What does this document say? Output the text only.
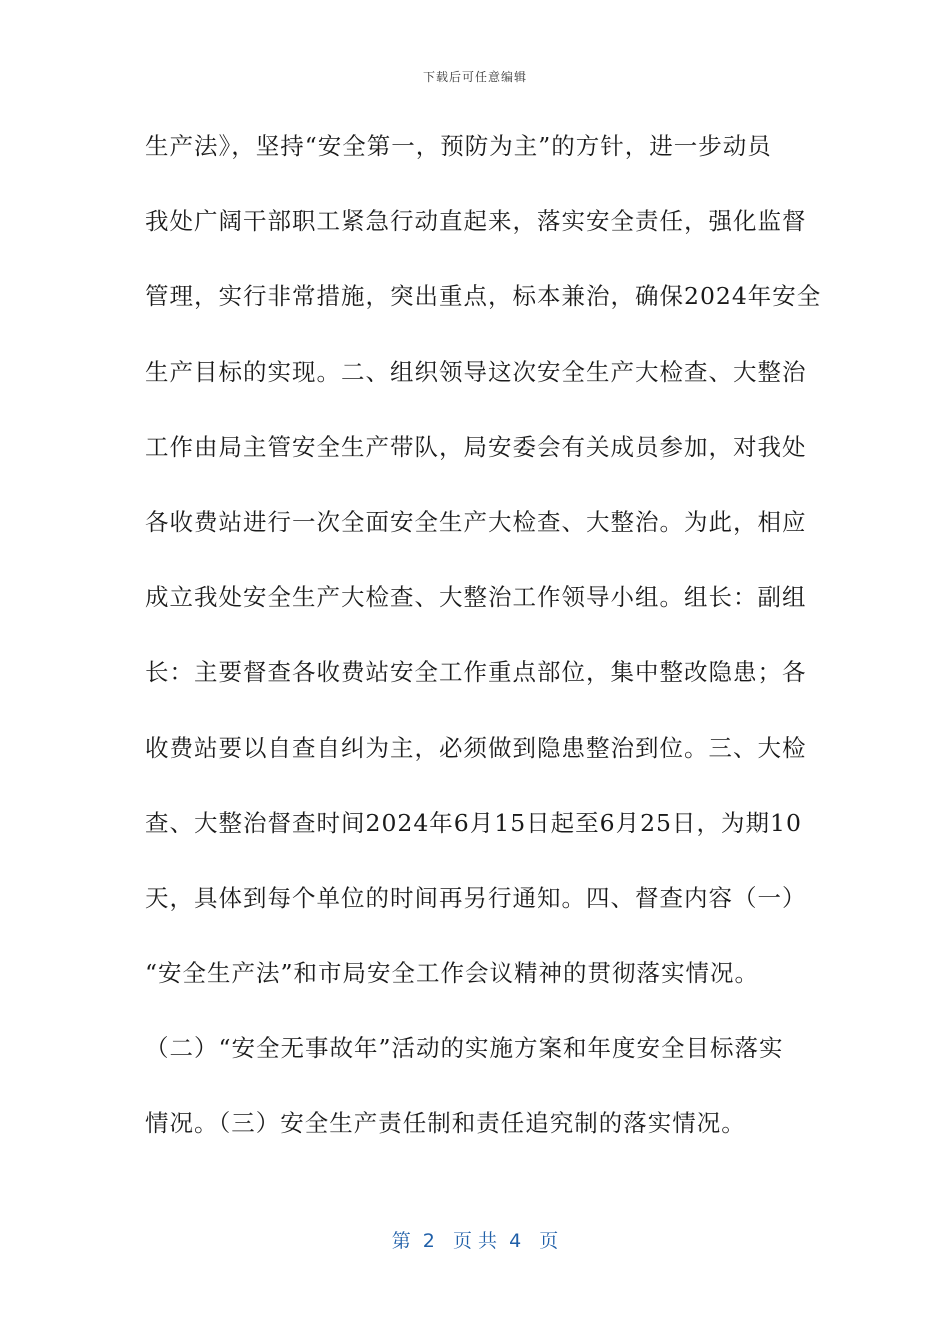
下载后可任意编辑
生产法》，坚持“安全第一，预防为主”的方针，进一步动员
我处广阔干部职工紧急行动直起来，落实安全责任，强化监督
管理，实行非常措施，突出重点，标本兼治，确保2024年安全
生产目标的实现。二、组织领导这次安全生产大检查、大整治
工作由局主管安全生产带队，局安委会有关成员参加，对我处
各收费站进行一次全面安全生产大检查、大整治。为此，相应
成立我处安全生产大检查、大整治工作领导小组。组长：副组
长：主要督查各收费站安全工作重点部位，集中整改隐患；各
收费站要以自查自纠为主，必须做到隐患整治到位。三、大检
查、大整治督查时间2024年6月15日起至6月25日，为期10
天，具体到每个单位的时间再另行通知。四、督查内容（一）
“安全生产法”和市局安全工作会议精神的贯彻落实情况。
（二）“安全无事故年”活动的实施方案和年度安全目标落实
情况。（三）安全生产责任制和责任追究制的落实情况。
第  2   页 共  4   页
